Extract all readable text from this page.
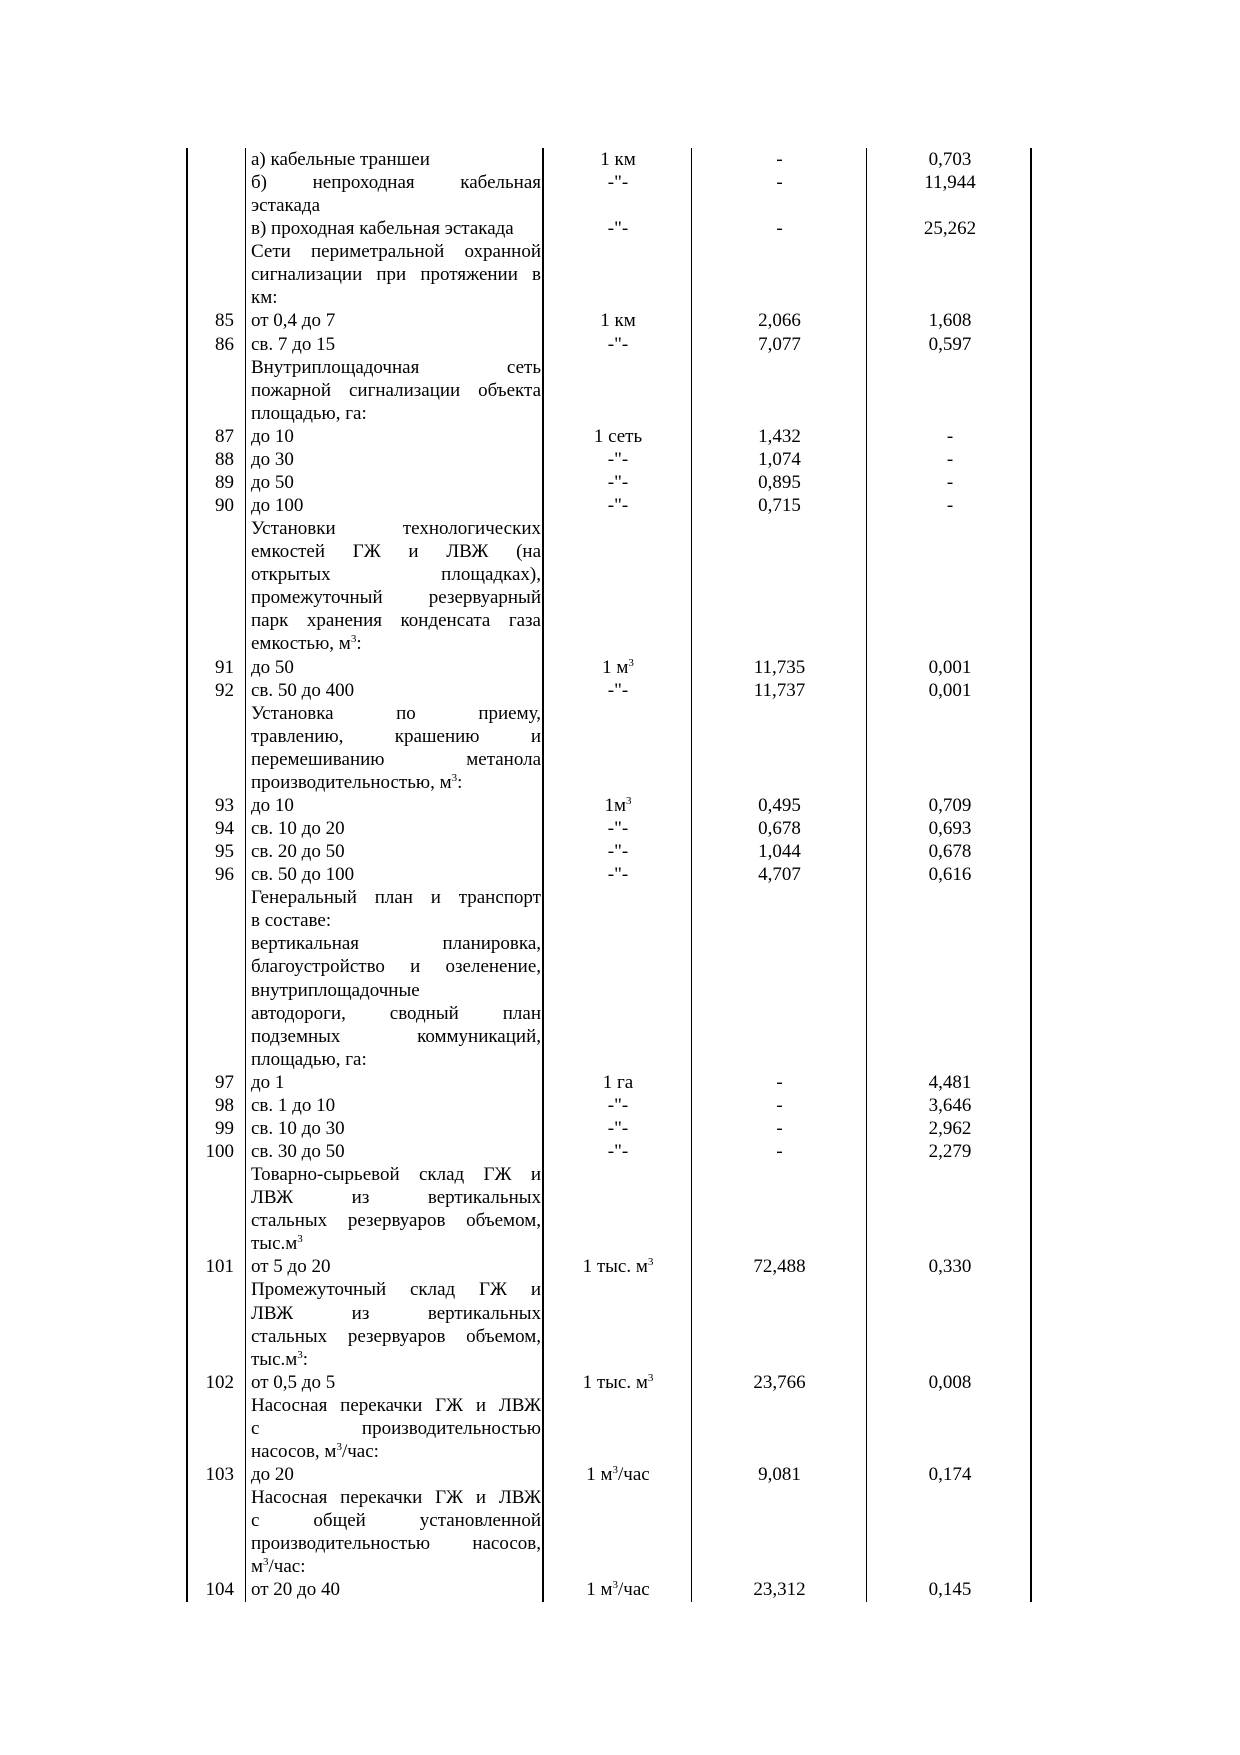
а) кабельные траншеи	1 км	-	0,703
б) непроходная кабельная	-"-	-	11,944
эстакада
в) проходная кабельная эстакада	-"-	-	25,262
Сети периметральной охранной
сигнализации при протяжении в
км:
85 от 0,4 до 7	1 км	2,066	1,608
86 св. 7 до 15	-"-	7,077	0,597
Внутриплощадочная сеть
пожарной сигнализации объекта
площадью, га:
87 до 10	1 сеть	1,432	-
88 до 30	-"-	1,074	-
89 до 50	-"-	0,895	-
90 до 100	-"-	0,715	-
Установки технологических
емкостей ГЖ и ЛВЖ (на
открытых площадках),
промежуточный резервуарный
парк хранения конденсата газа
емкостью, $м^3$:
91 до 50	1 $м^3$	11,735	0,001
92 св. 50 до 400	-"-	11,737	0,001
Установка по приему,
травлению, крашению и
перемешиванию метанола
производительностью, $м^3$:
93 до 10	$1м^3$	0,495	0,709
94 св. 10 до 20	-"-	0,678	0,693
95 св. 20 до 50	-"-	1,044	0,678
96 св. 50 до 100	-"-	4,707	0,616
Генеральный план и транспорт
в составе:
вертикальная планировка,
благоустройство и озеленение,
внутриплощадочные
автодороги, сводный план
подземных коммуникаций,
площадью, га:
97 до 1	1 га	-	4,481
98 св. 1 до 10	-"-	-	3,646
99 св. 10 до 30	-"-	-	2,962
100 св. 30 до 50	-"-	-	2,279
Товарно-сырьевой склад ГЖ и
ЛВЖ из вертикальных
стальных резервуаров объемом,
$тыс.м^3$
101 от 5 до 20	1 тыс. $м^3$	72,488	0,330
Промежуточный склад ГЖ и
ЛВЖ из вертикальных
стальных резервуаров объемом,
$тыс.м^3$:
102 от 0,5 до 5	1 тыс. $м^3$	23,766	0,008
Насосная перекачки ГЖ и ЛВЖ
с производительностью
насосов, $м^3$/час:
103 до 20	1 $м^3$/час	9,081	0,174
Насосная перекачки ГЖ и ЛВЖ
с общей установленной
производительностью насосов,
$м^3$/час:
104 от 20 до 40	1 $м^3$/час	23,312	0,145
